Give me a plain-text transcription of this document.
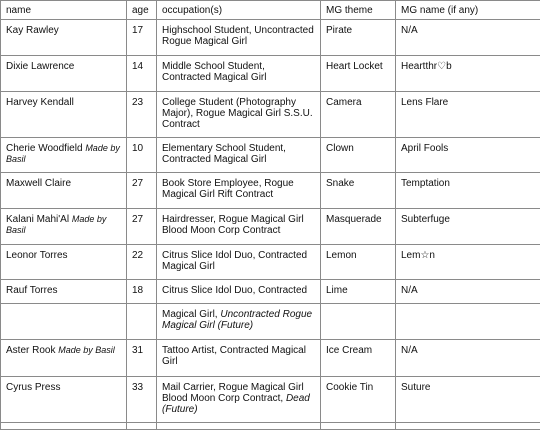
name	age	occupation(s)	MG theme	MG name (if any)
Kay Rawley	17	Highschool Student, Uncontracted Rogue Magical Girl	Pirate	N/A
Dixie Lawrence	14	Middle School Student, Contracted Magical Girl	Heart Locket	Heartthr♡b
Harvey Kendall	23	College Student (Photography Major), Rogue Magical Girl S.S.U. Contract	Camera	Lens Flare
Cherie Woodfield Made by Basil	10	Elementary School Student, Contracted Magical Girl	Clown	April Fools
Maxwell Claire	27	Book Store Employee, Rogue Magical Girl Rift Contract	Snake	Temptation
Kalani Mahi'Al Made by Basil	27	Hairdresser, Rogue Magical Girl Blood Moon Corp Contract	Masquerade	Subterfuge
Leonor Torres	22	Citrus Slice Idol Duo, Contracted Magical Girl	Lemon	Lem☆n
Rauf Torres	18	Citrus Slice Idol Duo, Contracted	Lime	N/A
		Magical Girl, Uncontracted Rogue Magical Girl (Future)		
Aster Rook Made by Basil	31	Tattoo Artist, Contracted Magical Girl	Ice Cream	N/A
Cyrus Press	33	Mail Carrier, Rogue Magical Girl Blood Moon Corp Contract, Dead (Future)	Cookie Tin	Suture
